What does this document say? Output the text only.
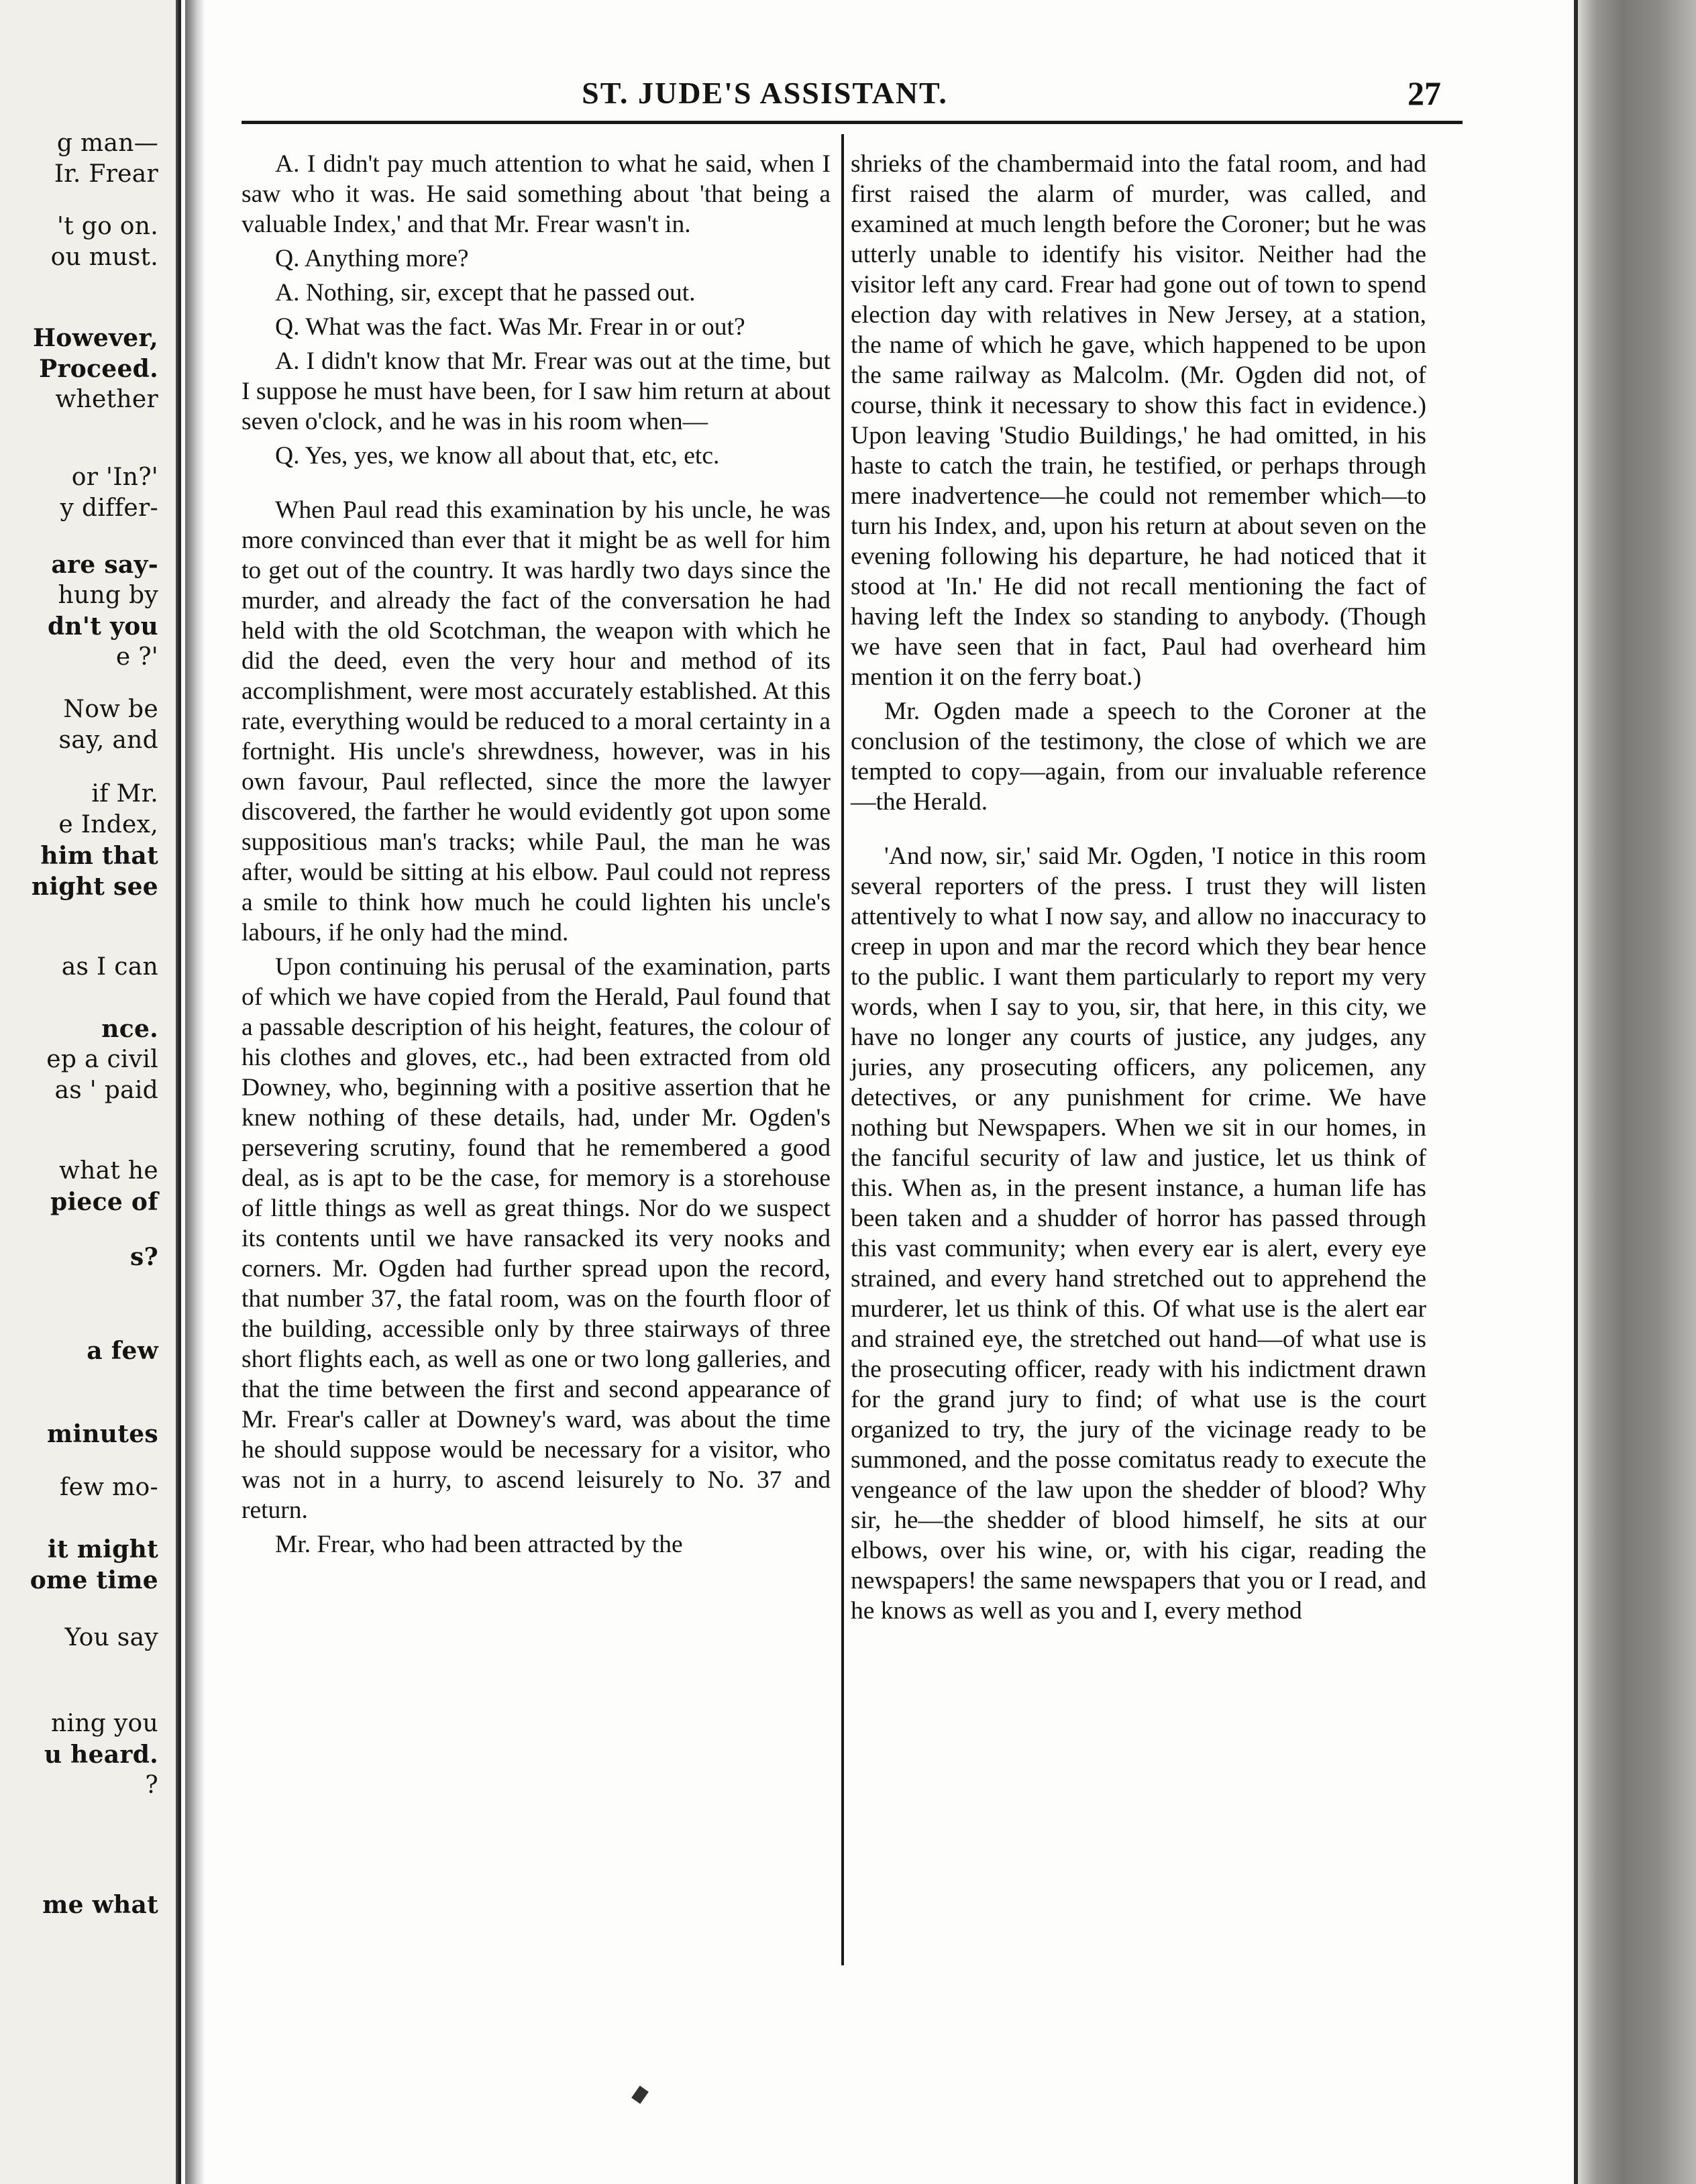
g man—
Ir. Frear
't go on.
ou must.
However,
Proceed.
whether
or 'In?'
y differ-
are say-
hung by
dn't you
e ?'
Now be
say, and
if Mr.
e Index,
him that
night see
as I can
nce.
ep a civil
as ' paid
what he
piece of
s?
a few
minutes
few mo-
it might
ome time
You say
ning you
u heard.
?
me what
ST. JUDE'S ASSISTANT.	27

A. I didn't pay much attention to what he said, when I saw who it was. He said something about 'that being a valuable Index,' and that Mr. Frear wasn't in.

Q. Anything more?

A. Nothing, sir, except that he passed out.

Q. What was the fact. Was Mr. Frear in or out?

A. I didn't know that Mr. Frear was out at the time, but I suppose he must have been, for I saw him return at about seven o'clock, and he was in his room when—

Q. Yes, yes, we know all about that, etc, etc.

When Paul read this examination by his uncle, he was more convinced than ever that it might be as well for him to get out of the country. It was hardly two days since the murder, and already the fact of the conversation he had held with the old Scotchman, the weapon with which he did the deed, even the very hour and method of its accomplishment, were most accurately established. At this rate, everything would be reduced to a moral certainty in a fortnight. His uncle's shrewdness, however, was in his own favour, Paul reflected, since the more the lawyer discovered, the farther he would evidently got upon some suppositious man's tracks; while Paul, the man he was after, would be sitting at his elbow. Paul could not repress a smile to think how much he could lighten his uncle's labours, if he only had the mind.

Upon continuing his perusal of the examination, parts of which we have copied from the Herald, Paul found that a passable description of his height, features, the colour of his clothes and gloves, etc., had been extracted from old Downey, who, beginning with a positive assertion that he knew nothing of these details, had, under Mr. Ogden's persevering scrutiny, found that he remembered a good deal, as is apt to be the case, for memory is a storehouse of little things as well as great things. Nor do we suspect its contents until we have ransacked its very nooks and corners. Mr. Ogden had further spread upon the record, that number 37, the fatal room, was on the fourth floor of the building, accessible only by three stairways of three short flights each, as well as one or two long galleries, and that the time between the first and second appearance of Mr. Frear's caller at Downey's ward, was about the time he should suppose would be necessary for a visitor, who was not in a hurry, to ascend leisurely to No. 37 and return.

Mr. Frear, who had been attracted by the

shrieks of the chambermaid into the fatal room, and had first raised the alarm of murder, was called, and examined at much length before the Coroner; but he was utterly unable to identify his visitor. Neither had the visitor left any card. Frear had gone out of town to spend election day with relatives in New Jersey, at a station, the name of which he gave, which happened to be upon the same railway as Malcolm. (Mr. Ogden did not, of course, think it necessary to show this fact in evidence.) Upon leaving 'Studio Buildings,' he had omitted, in his haste to catch the train, he testified, or perhaps through mere inadvertence—he could not remember which—to turn his Index, and, upon his return at about seven on the evening following his departure, he had noticed that it stood at 'In.' He did not recall mentioning the fact of having left the Index so standing to anybody. (Though we have seen that in fact, Paul had overheard him mention it on the ferry boat.)

Mr. Ogden made a speech to the Coroner at the conclusion of the testimony, the close of which we are tempted to copy—again, from our invaluable reference—the Herald.

'And now, sir,' said Mr. Ogden, 'I notice in this room several reporters of the press. I trust they will listen attentively to what I now say, and allow no inaccuracy to creep in upon and mar the record which they bear hence to the public. I want them particularly to report my very words, when I say to you, sir, that here, in this city, we have no longer any courts of justice, any judges, any juries, any prosecuting officers, any policemen, any detectives, or any punishment for crime. We have nothing but Newspapers. When we sit in our homes, in the fanciful security of law and justice, let us think of this. When as, in the present instance, a human life has been taken and a shudder of horror has passed through this vast community; when every ear is alert, every eye strained, and every hand stretched out to apprehend the murderer, let us think of this. Of what use is the alert ear and strained eye, the stretched out hand—of what use is the prosecuting officer, ready with his indictment drawn for the grand jury to find; of what use is the court organized to try, the jury of the vicinage ready to be summoned, and the posse comitatus ready to execute the vengeance of the law upon the shedder of blood? Why sir, he—the shedder of blood himself, he sits at our elbows, over his wine, or, with his cigar, reading the newspapers! the same newspapers that you or I read, and he knows as well as you and I, every method
